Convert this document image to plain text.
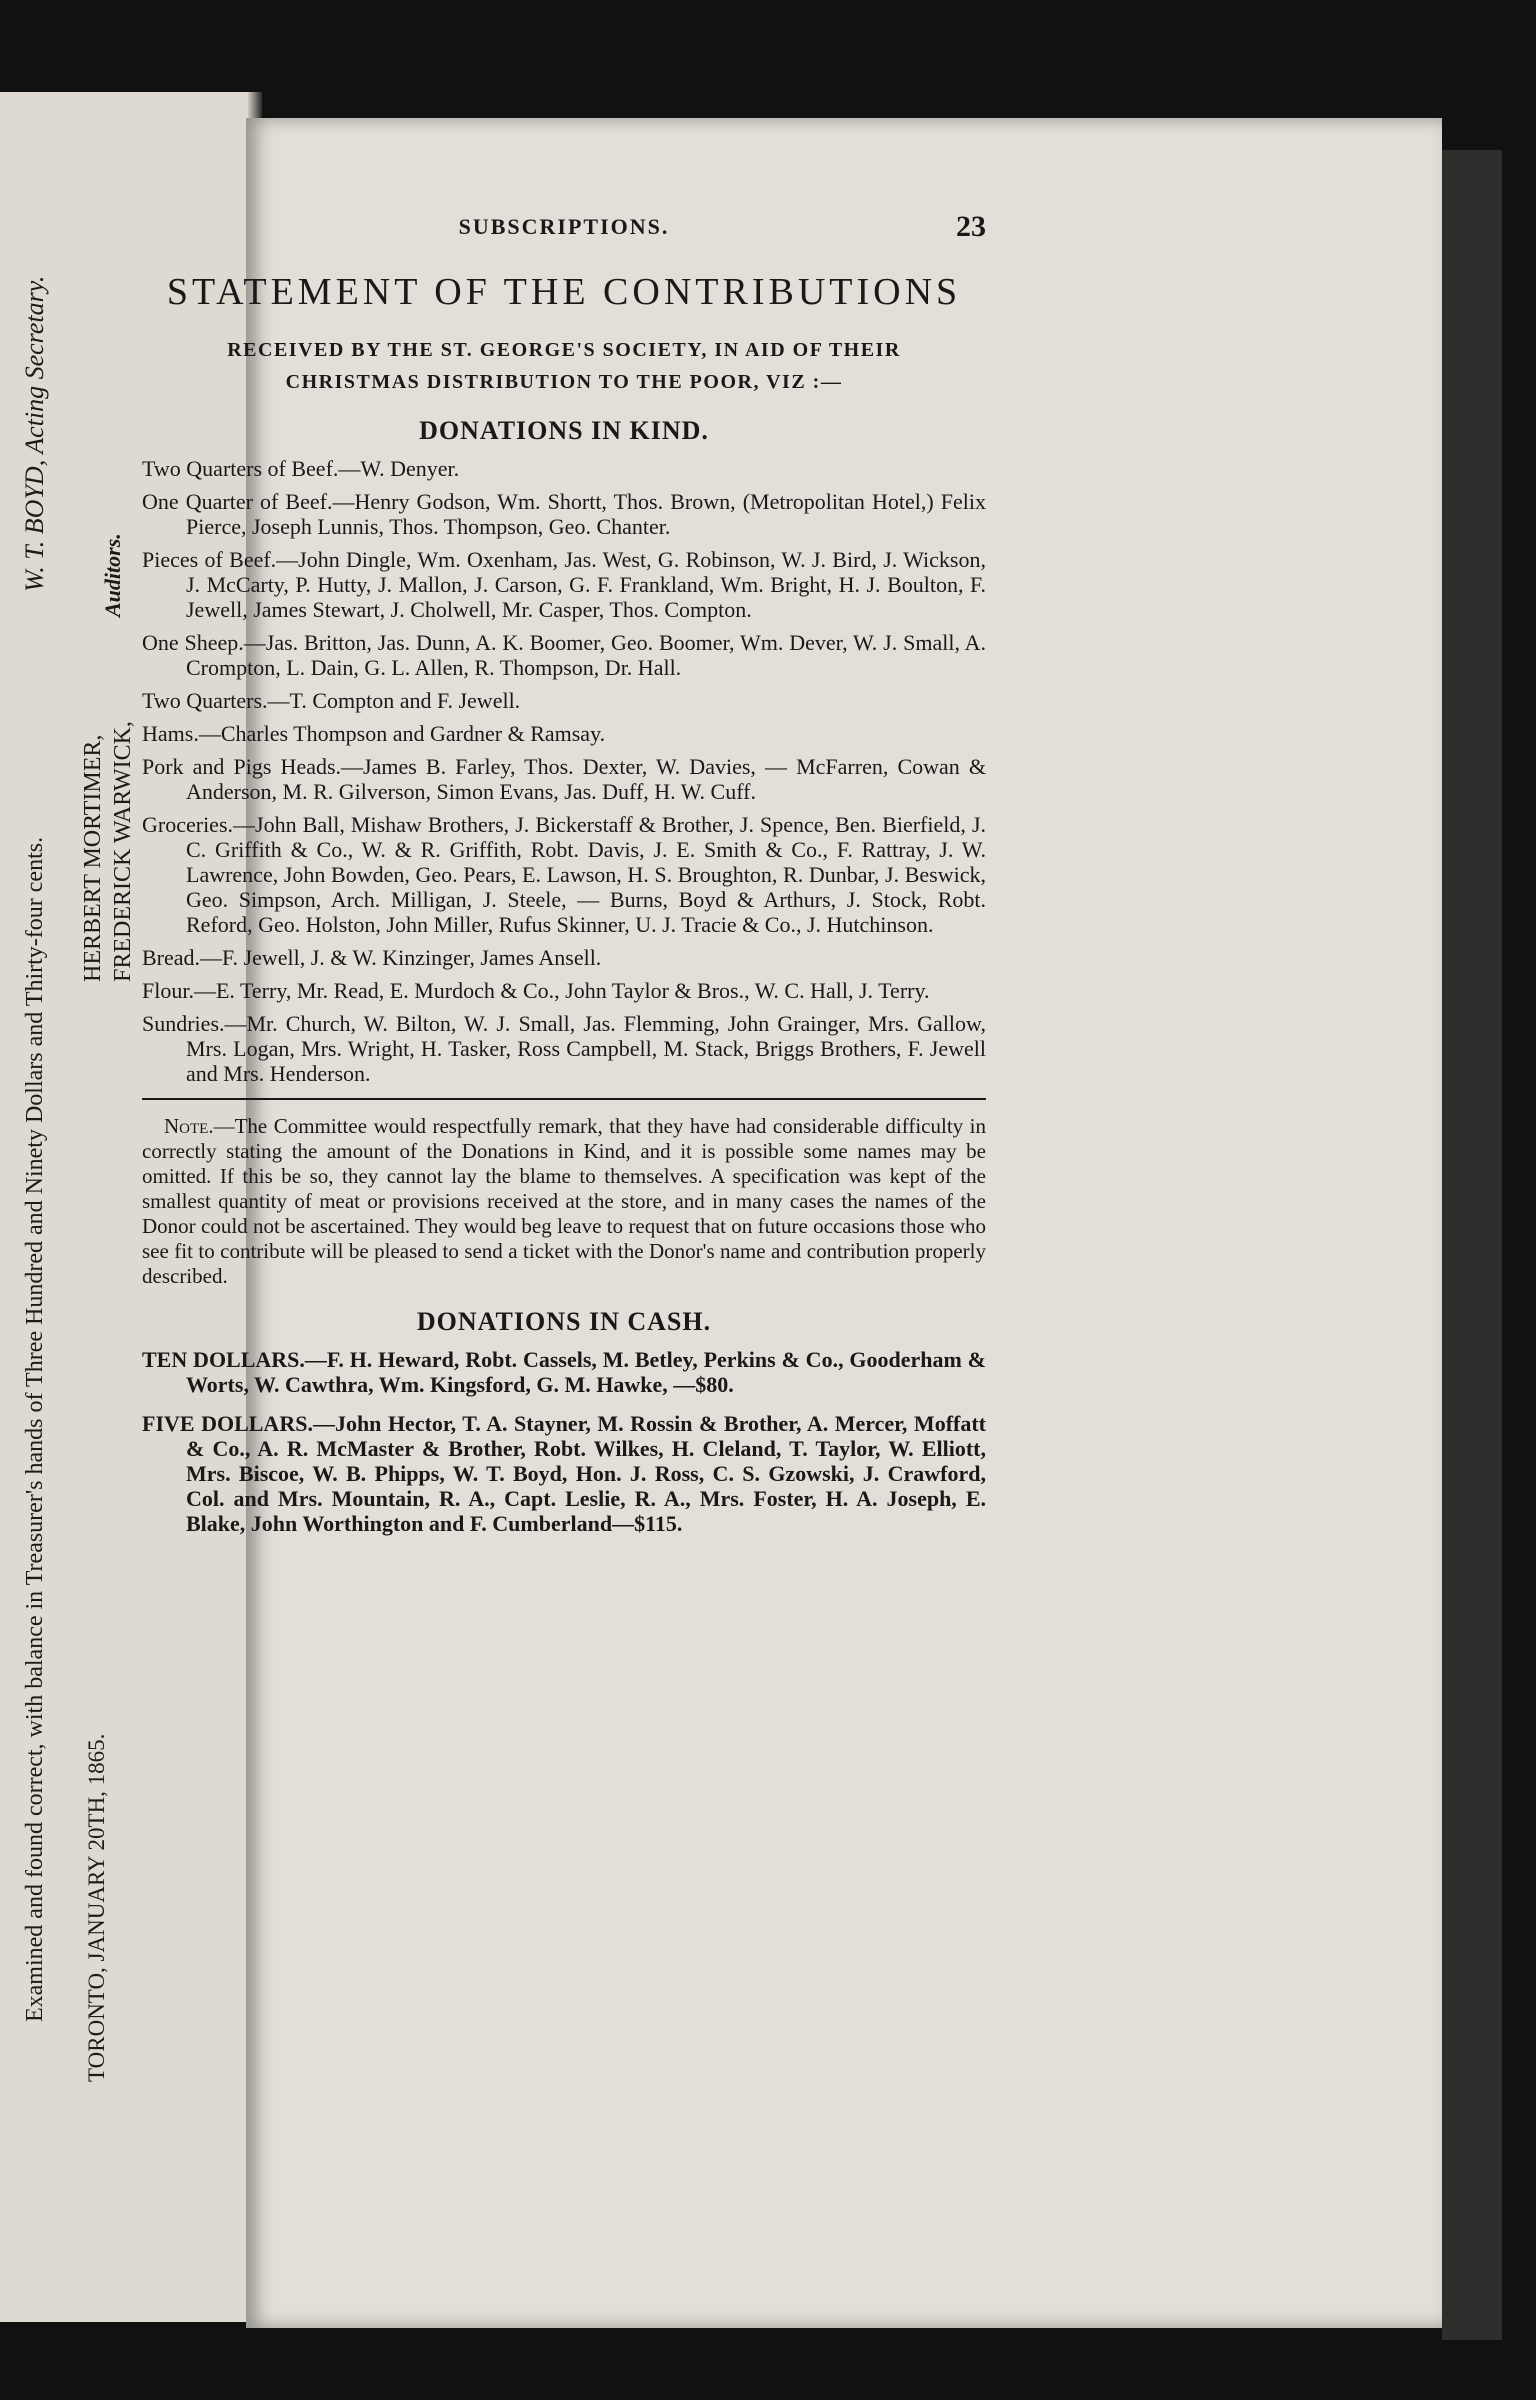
W. T. BOYD, Acting Secretary.
Examined and found correct, with balance in Treasurer's hands of Three Hundred and Ninety Dollars and Thirty-four cents. HERBERT MORTIMER, FREDERICK WARWICK,
Auditors.
TORONTO, JANUARY 20TH, 1865.
SUBSCRIPTIONS.	23
STATEMENT OF THE CONTRIBUTIONS

RECEIVED BY THE ST. GEORGE'S SOCIETY, IN AID OF THEIR

CHRISTMAS DISTRIBUTION TO THE POOR, VIZ :—

DONATIONS IN KIND.

Two Quarters of Beef.—W. Denyer.

One Quarter of Beef.—Henry Godson, Wm. Shortt, Thos. Brown, (Metropolitan Hotel,) Felix Pierce, Joseph Lunnis, Thos. Thompson, Geo. Chanter.

Pieces of Beef.—John Dingle, Wm. Oxenham, Jas. West, G. Robinson, W. J. Bird, J. Wickson, J. McCarty, P. Hutty, J. Mallon, J. Carson, G. F. Frankland, Wm. Bright, H. J. Boulton, F. Jewell, James Stewart, J. Cholwell, Mr. Casper, Thos. Compton.

One Sheep.—Jas. Britton, Jas. Dunn, A. K. Boomer, Geo. Boomer, Wm. Dever, W. J. Small, A. Crompton, L. Dain, G. L. Allen, R. Thompson, Dr. Hall.

Two Quarters.—T. Compton and F. Jewell.

Hams.—Charles Thompson and Gardner & Ramsay.

Pork and Pigs Heads.—James B. Farley, Thos. Dexter, W. Davies, — McFarren, Cowan & Anderson, M. R. Gilverson, Simon Evans, Jas. Duff, H. W. Cuff.

Groceries.—John Ball, Mishaw Brothers, J. Bickerstaff & Brother, J. Spence, Ben. Bierfield, J. C. Griffith & Co., W. & R. Griffith, Robt. Davis, J. E. Smith & Co., F. Rattray, J. W. Lawrence, John Bowden, Geo. Pears, E. Lawson, H. S. Broughton, R. Dunbar, J. Beswick, Geo. Simpson, Arch. Milligan, J. Steele, — Burns, Boyd & Arthurs, J. Stock, Robt. Reford, Geo. Holston, John Miller, Rufus Skinner, U. J. Tracie & Co., J. Hutchinson.

Bread.—F. Jewell, J. & W. Kinzinger, James Ansell.

Flour.—E. Terry, Mr. Read, E. Murdoch & Co., John Taylor & Bros., W. C. Hall, J. Terry.

Sundries.—Mr. Church, W. Bilton, W. J. Small, Jas. Flemming, John Grainger, Mrs. Gallow, Mrs. Logan, Mrs. Wright, H. Tasker, Ross Campbell, M. Stack, Briggs Brothers, F. Jewell and Mrs. Henderson.

Note.—The Committee would respectfully remark, that they have had considerable difficulty in correctly stating the amount of the Donations in Kind, and it is possible some names may be omitted. If this be so, they cannot lay the blame to themselves. A specification was kept of the smallest quantity of meat or provisions received at the store, and in many cases the names of the Donor could not be ascertained. They would beg leave to request that on future occasions those who see fit to contribute will be pleased to send a ticket with the Donor's name and contribution properly described.

DONATIONS IN CASH.

TEN DOLLARS.—F. H. Heward, Robt. Cassels, M. Betley, Perkins & Co., Gooderham & Worts, W. Cawthra, Wm. Kingsford, G. M. Hawke, —$80.

FIVE DOLLARS.—John Hector, T. A. Stayner, M. Rossin & Brother, A. Mercer, Moffatt & Co., A. R. McMaster & Brother, Robt. Wilkes, H. Cleland, T. Taylor, W. Elliott, Mrs. Biscoe, W. B. Phipps, W. T. Boyd, Hon. J. Ross, C. S. Gzowski, J. Crawford, Col. and Mrs. Mountain, R. A., Capt. Leslie, R. A., Mrs. Foster, H. A. Joseph, E. Blake, John Worthington and F. Cumberland—$115.
